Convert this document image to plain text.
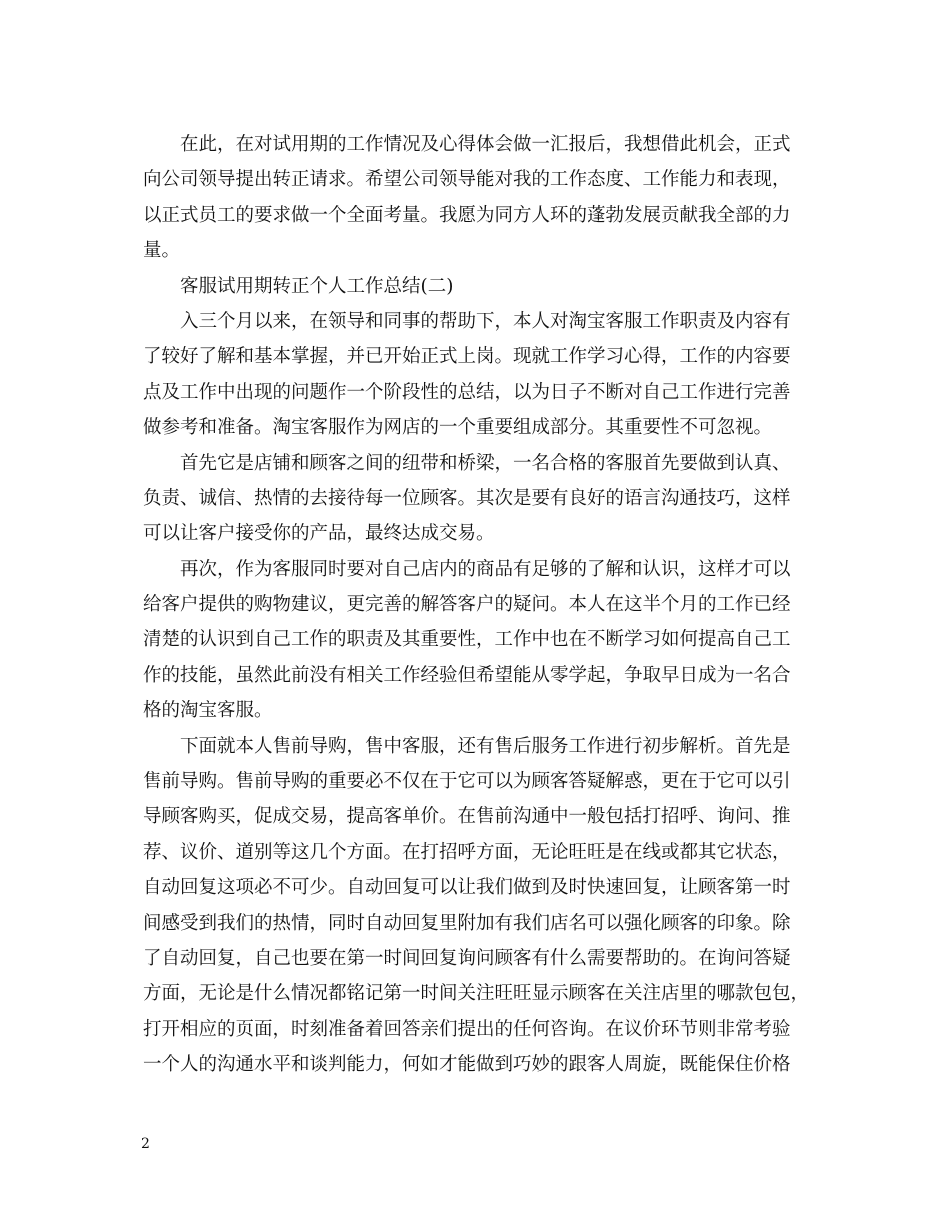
在此，在对试用期的工作情况及心得体会做一汇报后，我想借此机会，正式
向公司领导提出转正请求。希望公司领导能对我的工作态度、工作能力和表现，
以正式员工的要求做一个全面考量。我愿为同方人环的蓬勃发展贡献我全部的力
量。
客服试用期转正个人工作总结(二)
入三个月以来，在领导和同事的帮助下，本人对淘宝客服工作职责及内容有
了较好了解和基本掌握，并已开始正式上岗。现就工作学习心得，工作的内容要
点及工作中出现的问题作一个阶段性的总结，以为日子不断对自己工作进行完善
做参考和准备。淘宝客服作为网店的一个重要组成部分。其重要性不可忽视。
首先它是店铺和顾客之间的纽带和桥梁，一名合格的客服首先要做到认真、
负责、诚信、热情的去接待每一位顾客。其次是要有良好的语言沟通技巧，这样
可以让客户接受你的产品，最终达成交易。
再次，作为客服同时要对自己店内的商品有足够的了解和认识，这样才可以
给客户提供的购物建议，更完善的解答客户的疑问。本人在这半个月的工作已经
清楚的认识到自己工作的职责及其重要性，工作中也在不断学习如何提高自己工
作的技能，虽然此前没有相关工作经验但希望能从零学起，争取早日成为一名合
格的淘宝客服。
下面就本人售前导购，售中客服，还有售后服务工作进行初步解析。首先是
售前导购。售前导购的重要必不仅在于它可以为顾客答疑解惑，更在于它可以引
导顾客购买，促成交易，提高客单价。在售前沟通中一般包括打招呼、询问、推
荐、议价、道别等这几个方面。在打招呼方面，无论旺旺是在线或都其它状态，
自动回复这项必不可少。自动回复可以让我们做到及时快速回复，让顾客第一时
间感受到我们的热情，同时自动回复里附加有我们店名可以强化顾客的印象。除
了自动回复，自己也要在第一时间回复询问顾客有什么需要帮助的。在询问答疑
方面，无论是什么情况都铭记第一时间关注旺旺显示顾客在关注店里的哪款包包，
打开相应的页面，时刻准备着回答亲们提出的任何咨询。在议价环节则非常考验
一个人的沟通水平和谈判能力，何如才能做到巧妙的跟客人周旋，既能保住价格
2
